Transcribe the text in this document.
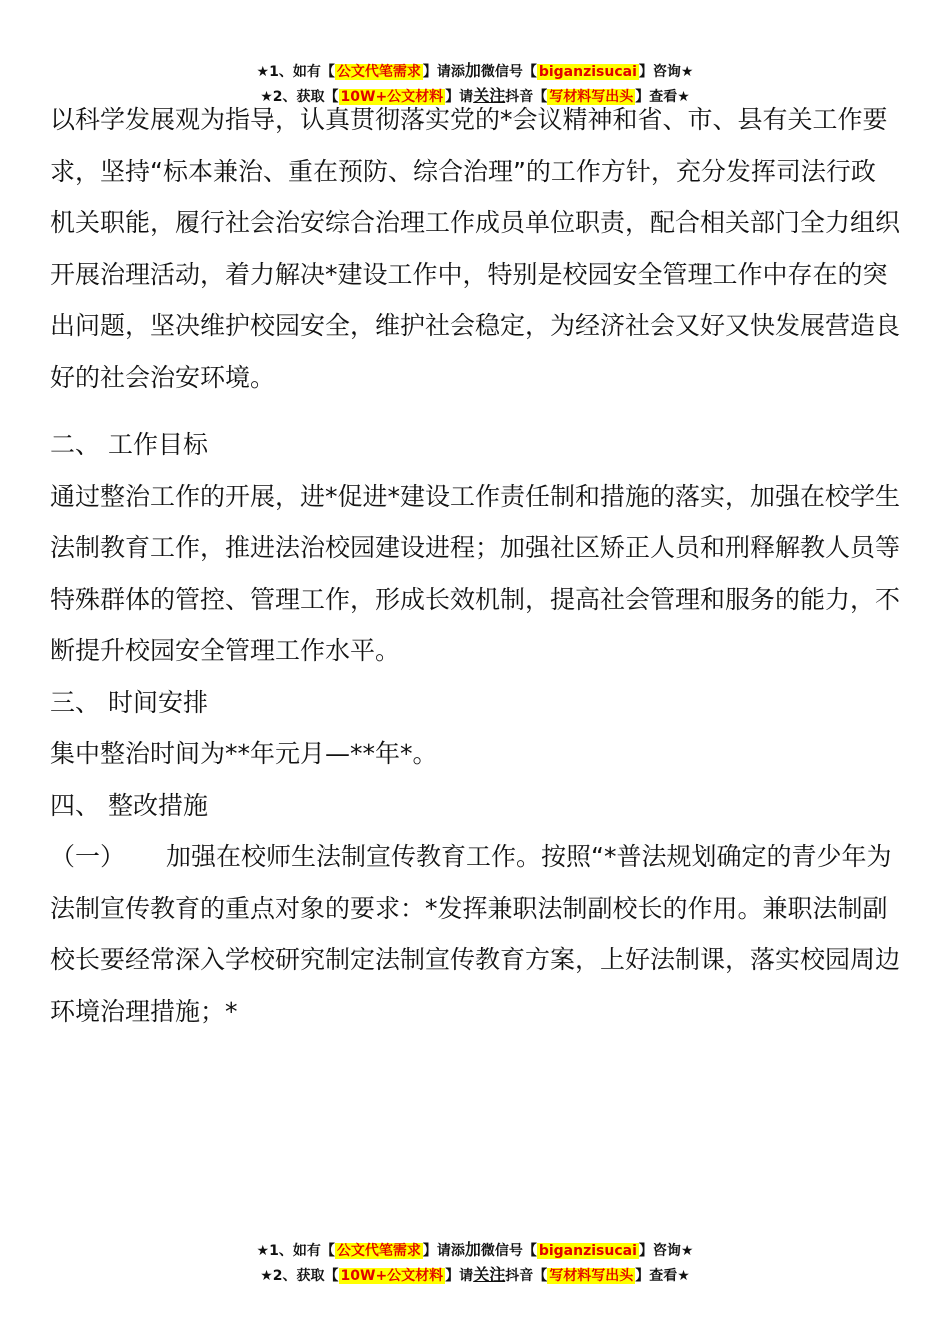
★1、如有【 公文代笔需求 】请添加微信号【 biganzisucai 】咨询★
★2、获取【 10W+公文材料 】请关注抖音【 写材料写出头 】查看★

以科学发展观为指导，认真贯彻落实党的*会议精神和省、市、县有关工作要求，坚持“标本兼治、重在预防、综合治理”的工作方针，充分发挥司法行政机关职能，履行社会治安综合治理工作成员单位职责，配合相关部门全力组织开展治理活动，着力解决*建设工作中，特别是校园安全管理工作中存在的突出问题，坚决维护校园安全，维护社会稳定，为经济社会又好又快发展营造良好的社会治安环境。

二、 工作目标

通过整治工作的开展，进*促进*建设工作责任制和措施的落实，加强在校学生法制教育工作，推进法治校园建设进程；加强社区矫正人员和刑释解教人员等特殊群体的管控、管理工作，形成长效机制，提高社会管理和服务的能力，不断提升校园安全管理工作水平。

三、 时间安排

集中整治时间为**年元月—**年*。

四、 整改措施

（一） 加强在校师生法制宣传教育工作。按照“*普法规划确定的青少年为法制宣传教育的重点对象的要求：*发挥兼职法制副校长的作用。兼职法制副校长要经常深入学校研究制定法制宣传教育方案，上好法制课，落实校园周边环境治理措施；*

★1、如有【 公文代笔需求 】请添加微信号【 biganzisucai 】咨询★
★2、获取【 10W+公文材料 】请关注抖音【 写材料写出头 】查看★
